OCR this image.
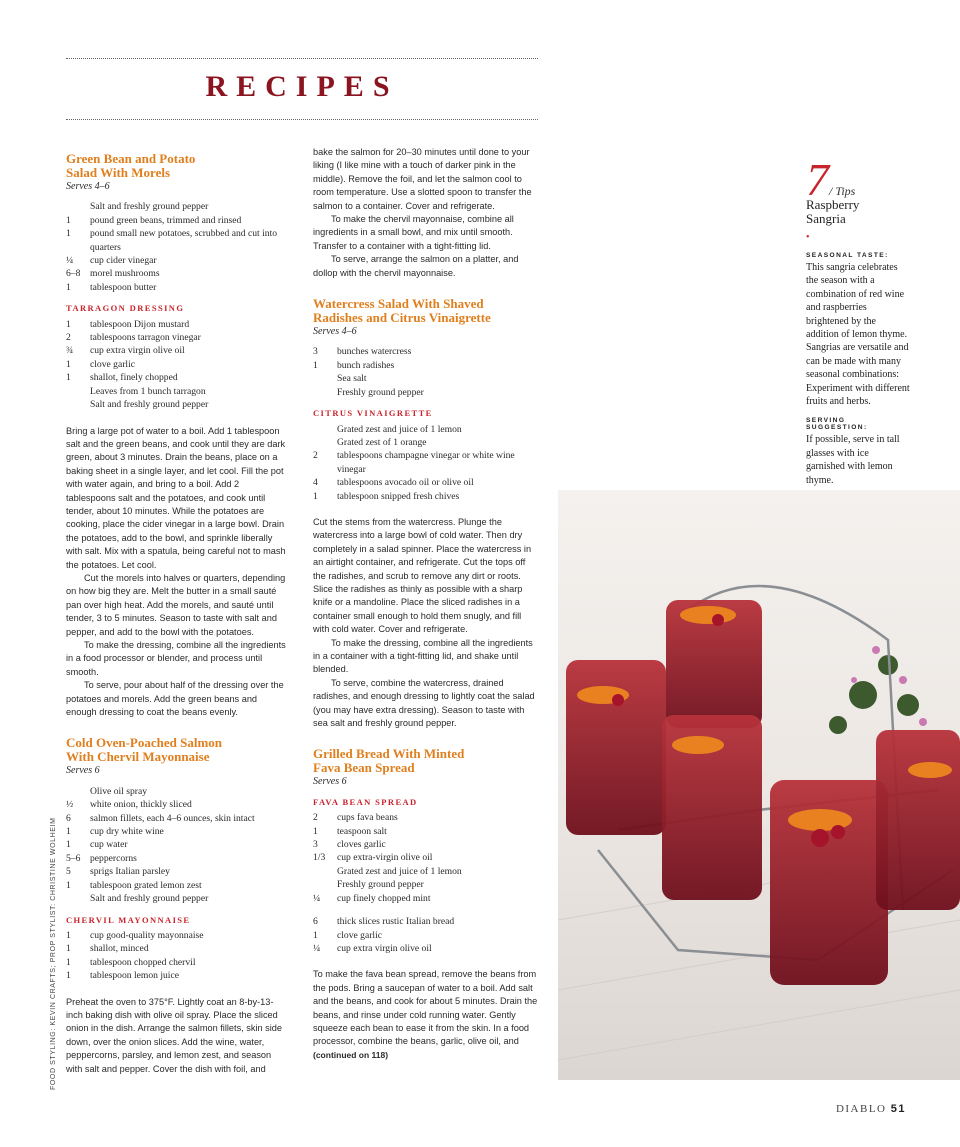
RECIPES
Green Bean and Potato
Salad With Morels
Serves 4–6
Salt and freshly ground pepper
1	pound green beans, trimmed and rinsed
1	pound small new potatoes, scrubbed and cut into quarters
¼	cup cider vinegar
6–8	morel mushrooms
1	tablespoon butter
TARRAGON DRESSING
1	tablespoon Dijon mustard
2	tablespoons tarragon vinegar
¾	cup extra virgin olive oil
1	clove garlic
1	shallot, finely chopped
Leaves from 1 bunch tarragon
Salt and freshly ground pepper

Bring a large pot of water to a boil. Add 1 tablespoon salt and the green beans, and cook until they are dark green, about 3 minutes. Drain the beans, place on a baking sheet in a single layer, and let cool. Fill the pot with water again, and bring to a boil. Add 2 tablespoons salt and the potatoes, and cook until tender, about 10 minutes. While the potatoes are cooking, place the cider vinegar in a large bowl. Drain the potatoes, add to the bowl, and sprinkle liberally with salt. Mix with a spatula, being careful not to mash the potatoes. Let cool.

Cut the morels into halves or quarters, depending on how big they are. Melt the butter in a small sauté pan over high heat. Add the morels, and sauté until tender, 3 to 5 minutes. Season to taste with salt and pepper, and add to the bowl with the potatoes.

To make the dressing, combine all the ingredients in a food processor or blender, and process until smooth.

To serve, pour about half of the dressing over the potatoes and morels. Add the green beans and enough dressing to coat the beans evenly.

Cold Oven-Poached Salmon
With Chervil Mayonnaise
Serves 6
Olive oil spray
½	white onion, thickly sliced
6	salmon fillets, each 4–6 ounces, skin intact
1	cup dry white wine
1	cup water
5–6	peppercorns
5	sprigs Italian parsley
1	tablespoon grated lemon zest
Salt and freshly ground pepper
CHERVIL MAYONNAISE
1	cup good-quality mayonnaise
1	shallot, minced
1	tablespoon chopped chervil
1	tablespoon lemon juice

Preheat the oven to 375°F. Lightly coat an 8-by-13-inch baking dish with olive oil spray. Place the sliced onion in the dish. Arrange the salmon fillets, skin side down, over the onion slices. Add the wine, water, peppercorns, parsley, and lemon zest, and season with salt and pepper. Cover the dish with foil, and

bake the salmon for 20–30 minutes until done to your liking (I like mine with a touch of darker pink in the middle). Remove the foil, and let the salmon cool to room temperature. Use a slotted spoon to transfer the salmon to a container. Cover and refrigerate.

To make the chervil mayonnaise, combine all ingredients in a small bowl, and mix until smooth. Transfer to a container with a tight-fitting lid.

To serve, arrange the salmon on a platter, and dollop with the chervil mayonnaise.

Watercress Salad With Shaved
Radishes and Citrus Vinaigrette
Serves 4–6
3	bunches watercress
1	bunch radishes
Sea salt
Freshly ground pepper
CITRUS VINAIGRETTE
Grated zest and juice of 1 lemon
Grated zest of 1 orange
2	tablespoons champagne vinegar or white wine vinegar
4	tablespoons avocado oil or olive oil
1	tablespoon snipped fresh chives

Cut the stems from the watercress. Plunge the watercress into a large bowl of cold water. Then dry completely in a salad spinner. Place the watercress in an airtight container, and refrigerate. Cut the tops off the radishes, and scrub to remove any dirt or roots. Slice the radishes as thinly as possible with a sharp knife or a mandoline. Place the sliced radishes in a container small enough to hold them snugly, and fill with cold water. Cover and refrigerate.

To make the dressing, combine all the ingredients in a container with a tight-fitting lid, and shake until blended.

To serve, combine the watercress, drained radishes, and enough dressing to lightly coat the salad (you may have extra dressing). Season to taste with sea salt and freshly ground pepper.

Grilled Bread With Minted
Fava Bean Spread
Serves 6
FAVA BEAN SPREAD
2	cups fava beans
1	teaspoon salt
3	cloves garlic
1/3	cup extra-virgin olive oil
Grated zest and juice of 1 lemon
Freshly ground pepper
¼	cup finely chopped mint
6	thick slices rustic Italian bread
1	clove garlic
¼	cup extra virgin olive oil

To make the fava bean spread, remove the beans from the pods. Bring a saucepan of water to a boil. Add salt and the beans, and cook for about 5 minutes. Drain the beans, and rinse under cold running water. Gently squeeze each bean to ease it from the skin. In a food processor, combine the beans, garlic, olive oil, and (continued on 118)

7/ Tips
Raspberry
Sangria
•
SEASONAL TASTE:
This sangria celebrates the season with a combination of red wine and raspberries brightened by the addition of lemon thyme. Sangrias are versatile and can be made with many seasonal combinations: Experiment with different fruits and herbs.
SERVING SUGGESTION:
If possible, serve in tall glasses with ice garnished with lemon thyme.
FOOD STYLING: KEVIN CRAFTS; PROP STYLIST: CHRISTINE WOLHEIM
DIABLO 51
